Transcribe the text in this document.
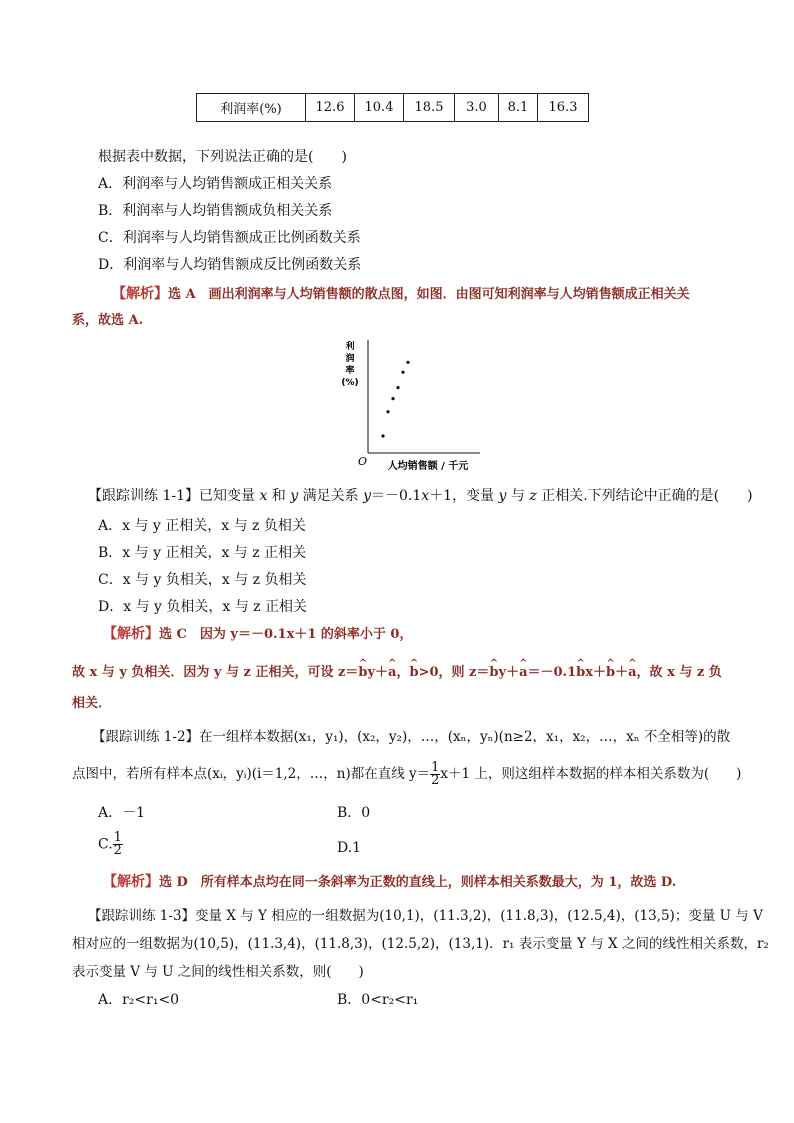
利润率(%)	12.6	10.4	18.5	3.0	8.1	16.3
根据表中数据，下列说法正确的是(　　)
A．利润率与人均销售额成正相关关系
B．利润率与人均销售额成负相关关系
C．利润率与人均销售额成正比例函数关系
D．利润率与人均销售额成反比例函数关系
【解析】选 A　画出利润率与人均销售额的散点图，如图．由图可知利润率与人均销售额成正相关关
系，故选 A.
O
利
润
率
(%)
人均销售额 / 千元
【跟踪训练 1-1】已知变量 x 和 y 满足关系 y＝－0.1x＋1，变量 y 与 z 正相关.下列结论中正确的是(　　)
A．x 与 y 正相关，x 与 z 负相关
B．x 与 y 正相关，x 与 z 正相关
C．x 与 y 负相关，x 与 z 负相关
D．x 与 y 负相关，x 与 z 正相关
【解析】选 C　因为 y＝－0.1x＋1 的斜率小于 0，
故 x 与 y 负相关．因为 y 与 z 正相关，可设 z＝^ by＋^ a，^ b>0，则 z＝^ by＋^ a＝－0.1^ bx＋^ b＋^ a，故 x 与 z 负
相关．
【跟踪训练 1-2】在一组样本数据(x₁，y₁)，(x₂，y₂)，…，(xₙ，yₙ)(n≥2，x₁，x₂，…，xₙ 不全相等)的散
点图中，若所有样本点(xᵢ，yᵢ)(i＝1,2，…，n)都在直线 $y= \frac{1}{2} x+1$ 上，则这组样本数据的样本相关系数为(　　)
A．－1	B．0
C. $\frac{1}{2}$	D.1
【解析】选 D　所有样本点均在同一条斜率为正数的直线上，则样本相关系数最大，为 1，故选 D.
【跟踪训练 1-3】变量 X 与 Y 相应的一组数据为(10,1)，(11.3,2)，(11.8,3)，(12.5,4)，(13,5)；变量 U 与 V
相对应的一组数据为(10,5)，(11.3,4)，(11.8,3)，(12.5,2)，(13,1)．r₁ 表示变量 Y 与 X 之间的线性相关系数，r₂
表示变量 V 与 U 之间的线性相关系数，则(　　)
A．r₂<r₁<0	B．0<r₂<r₁
